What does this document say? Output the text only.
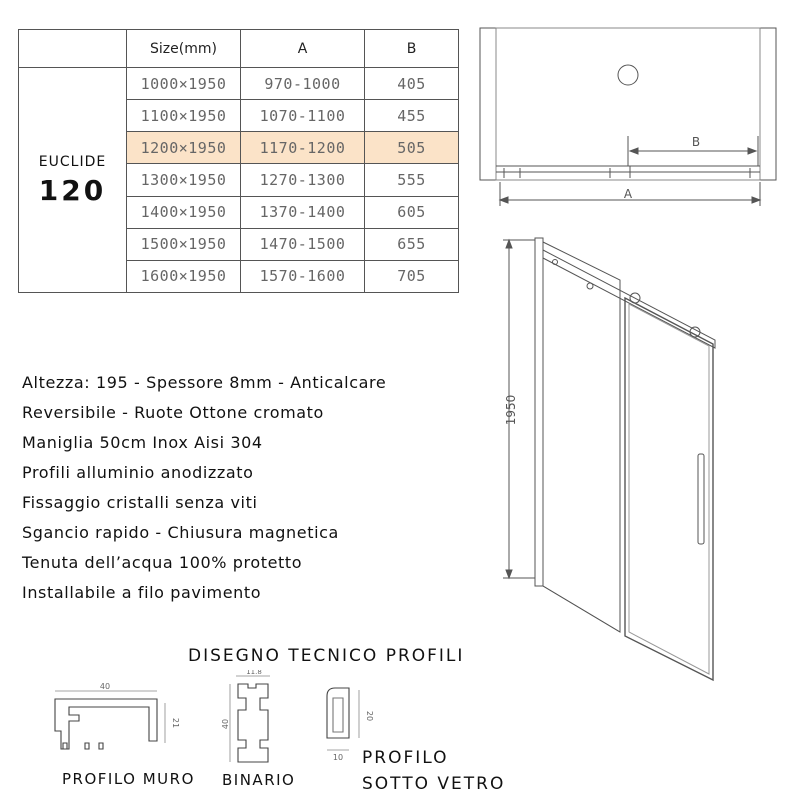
	Size(mm)	A	B

EUCLIDE
120	1000×1950	970-1000	405
	1100×1950	1070-1100	455
	1200×1950	1170-1200	505
	1300×1950	1270-1300	555
	1400×1950	1370-1400	605
	1500×1950	1470-1500	655
	1600×1950	1570-1600	705
B
A
1950
Altezza: 195 - Spessore 8mm - Anticalcare
Reversibile - Ruote Ottone cromato
Maniglia 50cm Inox Aisi 304
Profili alluminio anodizzato
Fissaggio cristalli senza viti
Sgancio rapido - Chiusura magnetica
Tenuta dell’acqua 100% protetto
Installabile a filo pavimento
DISEGNO TECNICO PROFILI
40
21
PROFILO MURO
11.8
40
BINARIO
20
10 PROFILO
SOTTO VETRO
